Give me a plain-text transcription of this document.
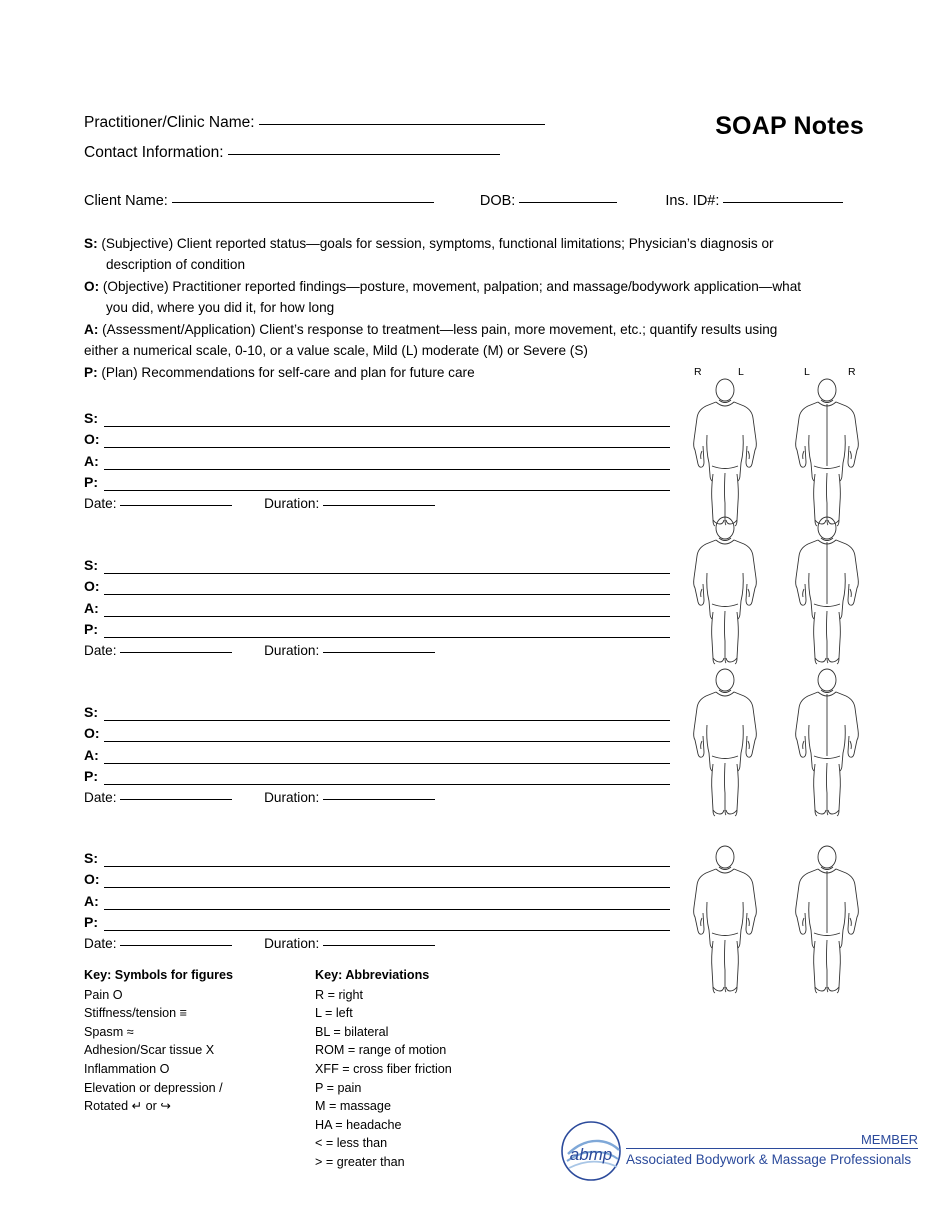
SOAP Notes
Practitioner/Clinic Name:
Contact Information:
Client Name:	DOB:	Ins. ID#:

S: (Subjective) Client reported status—goals for session, symptoms, functional limitations; Physician’s diagnosis or description of condition

O: (Objective) Practitioner reported findings—posture, movement, palpation; and massage/bodywork application—what you did, where you did it, for how long

A: (Assessment/Application) Client’s response to treatment—less pain, more movement, etc.; quantify results using either a numerical scale, 0-10, or a value scale, Mild (L) moderate (M) or Severe (S)

P: (Plan) Recommendations for self-care and plan for future care

S:
O:
A:
P:
Date:	Duration:
S:
O:
A:
P:
Date:	Duration:
S:
O:
A:
P:
Date:	Duration:
S:
O:
A:
P:
Date:	Duration:
R	L	L	R
Key: Symbols for figures
Pain O
Stiffness/tension ≡
Spasm ≈
Adhesion/Scar tissue X
Inflammation O
Elevation or depression /
Rotated ↵ or ↪
Key: Abbreviations
R = right
L = left
BL = bilateral
ROM = range of motion
XFF = cross fiber friction
P = pain
M = massage
HA = headache
< = less than
> = greater than
MEMBER
Associated Bodywork & Massage Professionals
abmp
